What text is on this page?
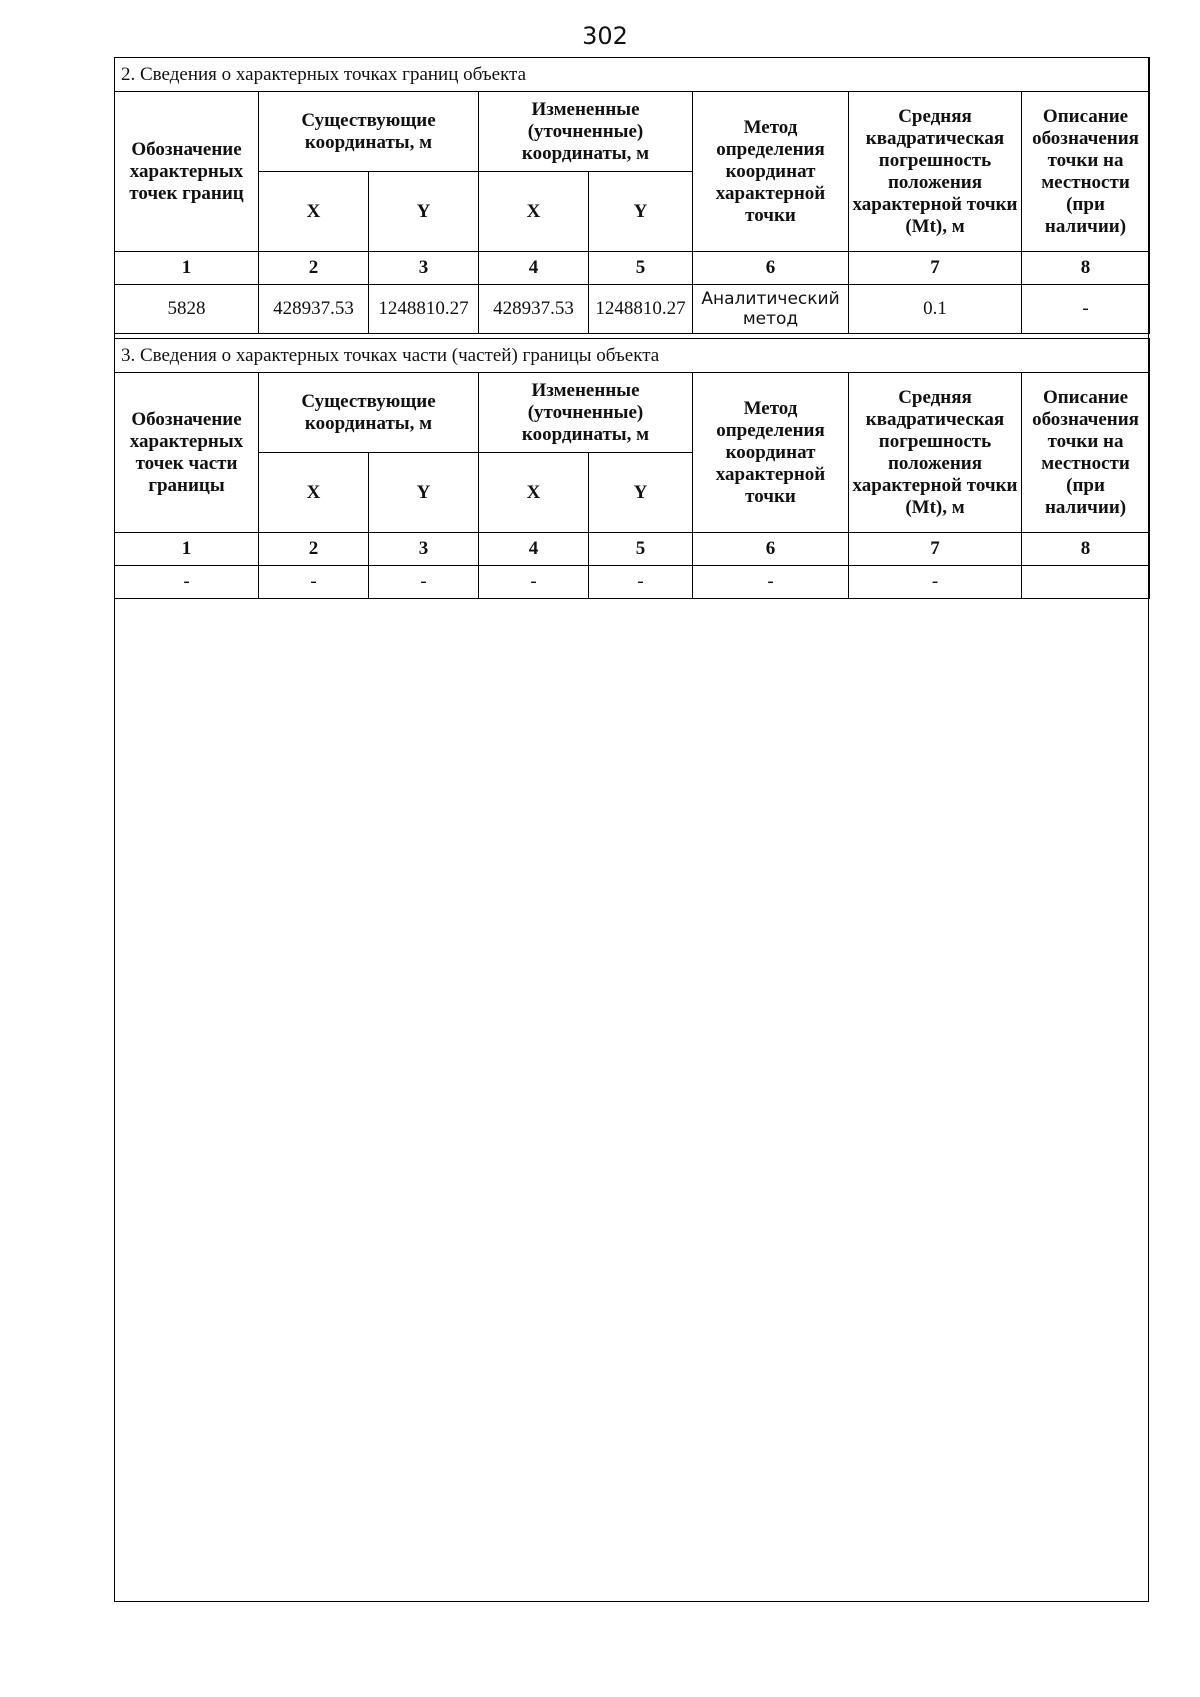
302
2. Сведения о характерных точках границ объекта							
Обозначение характерных точек границ	Существующие координаты, м		Измененные (уточненные) координаты, м		Метод определения координат характерной точки	Средняя квадратическая погрешность положения характерной точки (Mt), м	Описание обозначения точки на местности (при наличии)
	X	Y	X	Y			
1	2	3	4	5	6	7	8
5828	428937.53	1248810.27	428937.53	1248810.27	Аналитический метод	0.1	-
3. Сведения о характерных точках части (частей) границы объекта							
Обозначение характерных точек части границы	Существующие координаты, м		Измененные (уточненные) координаты, м		Метод определения координат характерной точки	Средняя квадратическая погрешность положения характерной точки (Mt), м	Описание обозначения точки на местности (при наличии)
	X	Y	X	Y			
1	2	3	4	5	6	7	8
-	-	-	-	-	-	-	
